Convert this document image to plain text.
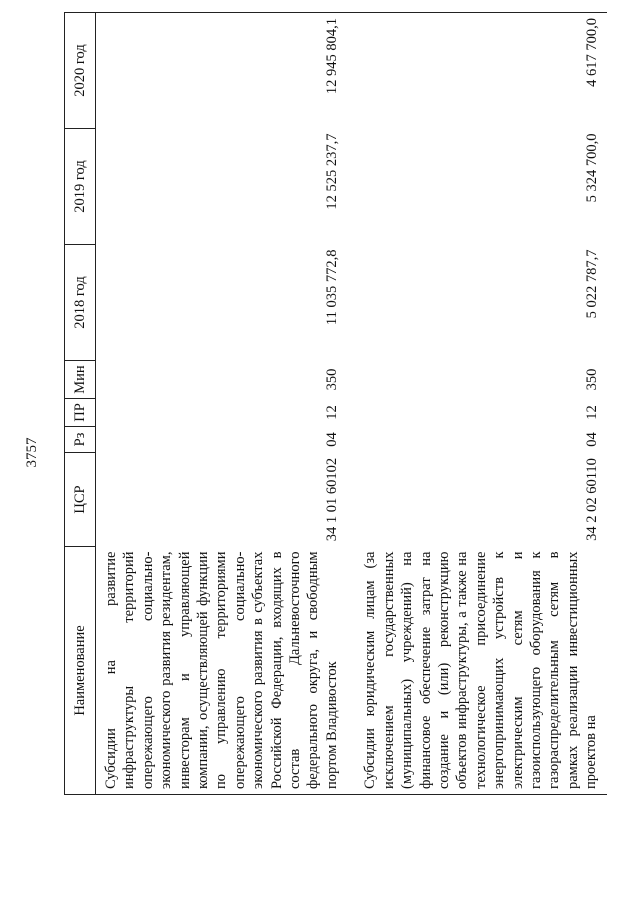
3757
Наименование	ЦСР	Рз	ПР	Мин	2018 год	2019 год	2020 год
Субсидии на развитие инфраструктуры территорий опережающего социально-экономического развития резидентам, инвесторам и управляющей компании, осуществляющей функции по управлению территориями опережающего социально-экономического развития в субъектах Российской Федерации, входящих в состав Дальневосточного федерального округа, и свободным портом Владивосток	34 1 01 60102	04	12	350	11 035 772,8	12 525 237,7	12 945 804,1
Субсидии юридическим лицам (за исключением государственных (муниципальных) учреждений) на финансовое обеспечение затрат на создание и (или) реконструкцию объектов инфраструктуры, а также на технологическое присоединение энергопринимающих устройств к электрическим сетям и газоиспользующего оборудования к газораспределительным сетям в рамках реализации инвестиционных проектов на	34 2 02 60110	04	12	350	5 022 787,7	5 324 700,0	4 617 700,0
